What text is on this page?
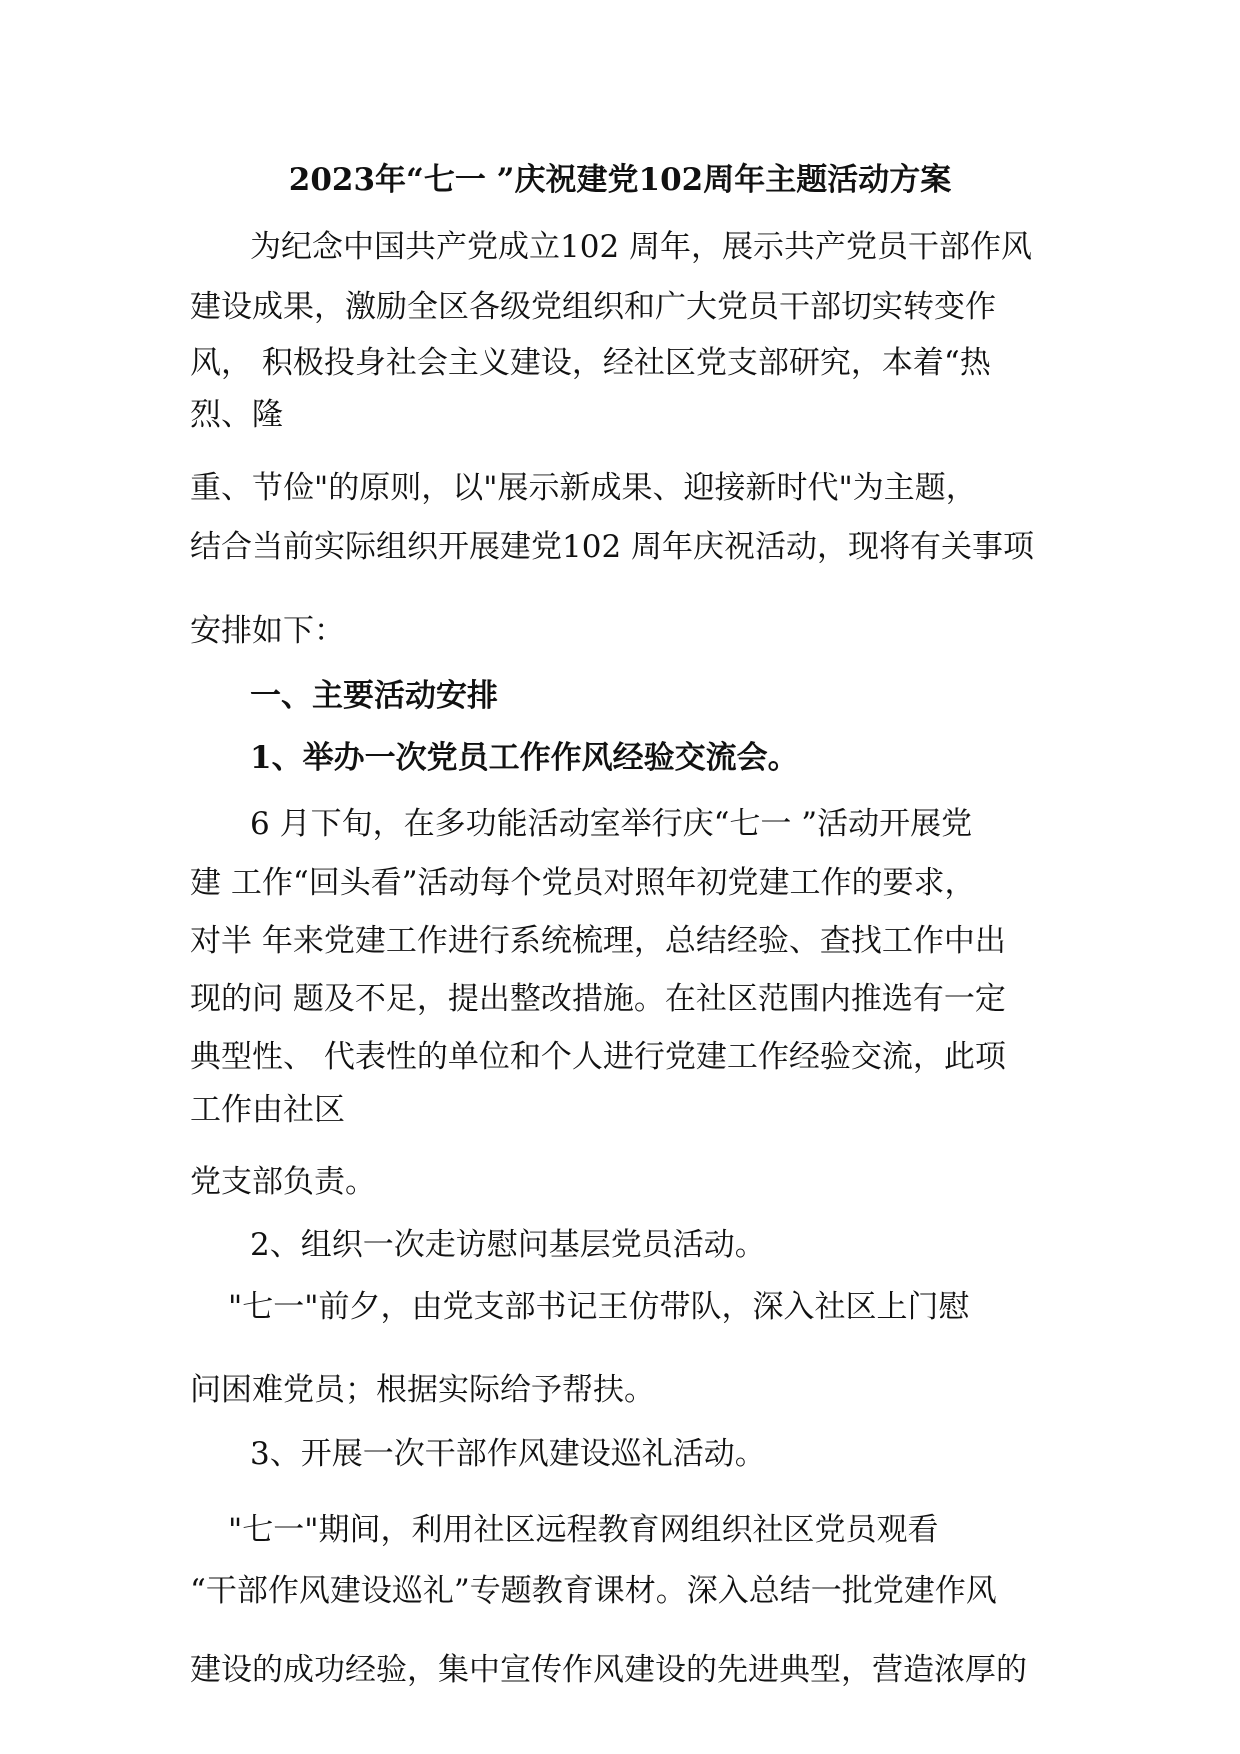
2023年“七一 ”庆祝建党102周年主题活动方案
为纪念中国共产党成立102 周年，展示共产党员干部作风
建设成果，激励全区各级党组织和广大党员干部切实转变作
风， 积极投身社会主义建设，经社区党支部研究，本着“热
烈、隆
重、节俭"的原则，以"展示新成果、迎接新时代"为主题，
结合当前实际组织开展建党102 周年庆祝活动，现将有关事项
安排如下：
一、主要活动安排
1、举办一次党员工作作风经验交流会。
6 月下旬，在多功能活动室举行庆“七一 ”活动开展党
建 工作“回头看”活动每个党员对照年初党建工作的要求，
对半 年来党建工作进行系统梳理，总结经验、查找工作中出
现的问 题及不足，提出整改措施。在社区范围内推选有一定
典型性、 代表性的单位和个人进行党建工作经验交流，此项
工作由社区
党支部负责。
2、组织一次走访慰问基层党员活动。
"七一"前夕，由党支部书记王仿带队，深入社区上门慰
问困难党员；根据实际给予帮扶。
3、开展一次干部作风建设巡礼活动。
"七一"期间，利用社区远程教育网组织社区党员观看
“干部作风建设巡礼”专题教育课材。深入总结一批党建作风
建设的成功经验，集中宣传作风建设的先进典型，营造浓厚的
